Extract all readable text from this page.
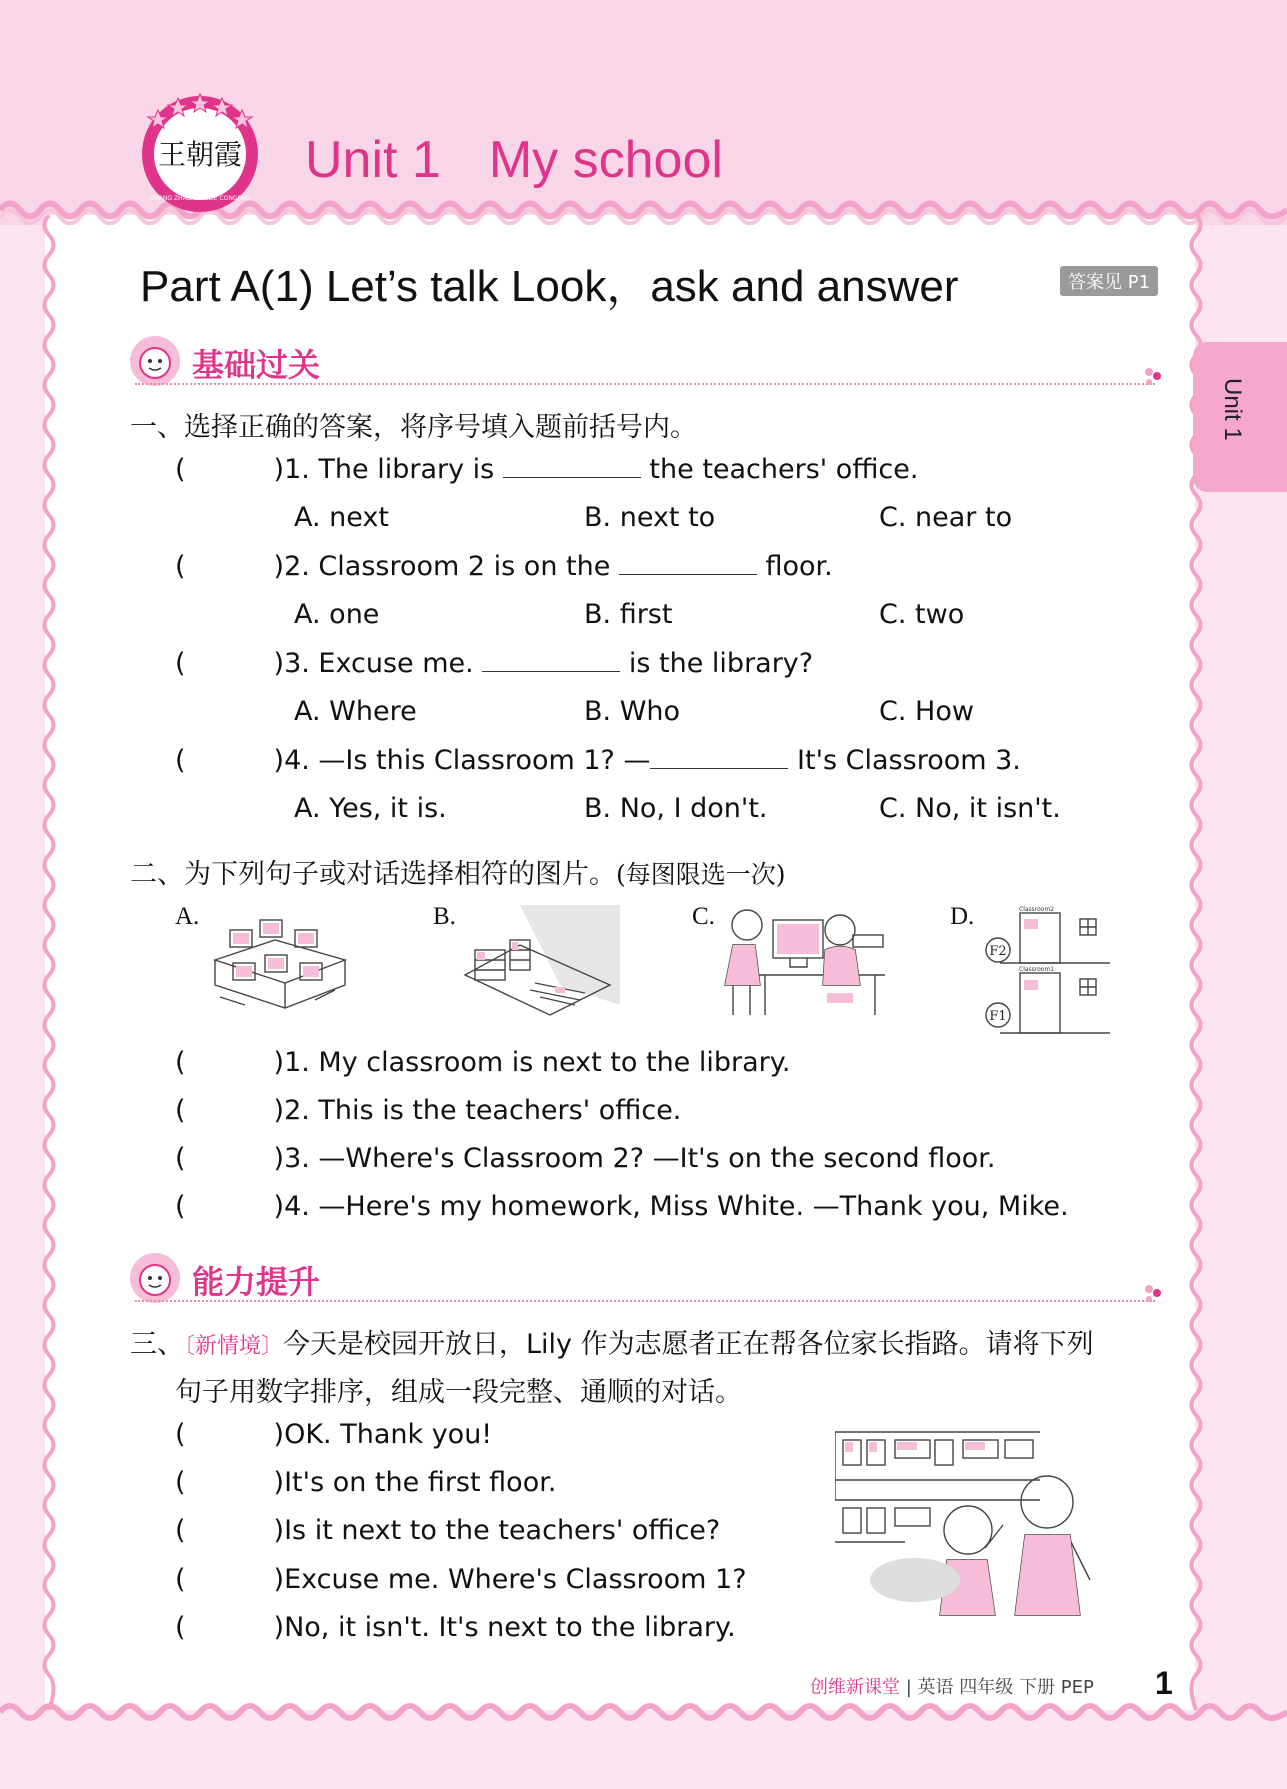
王朝霞
GUANG ZHAOXIA XILIE CONGSHU
Unit 1 My school
Part A(1) Let’s talk Look，ask and answer	答案见 P1
Unit 1
基础过关
一、选择正确的答案，将序号填入题前括号内。
(	)1. The library is	the teachers' office.
A. next	B. next to	C. near to
(	)2. Classroom 2 is on the	floor.
A. one	B. first	C. two
(	)3. Excuse me.	is the library?
A. Where	B. Who	C. How
(	)4. —Is this Classroom 1? —	It's Classroom 3.
A. Yes, it is.	B. No, I don't.	C. No, it isn't.
二、为下列句子或对话选择相符的图片。(每图限选一次)
A.	B.	C.	D.	Classroom2
Classroom1
F2
F1
(	)1. My classroom is next to the library.
(	)2. This is the teachers' office.
(	)3. —Where's Classroom 2? —It's on the second floor.
(	)4. —Here's my homework, Miss White. —Thank you, Mike.
能力提升
三、〔新情境〕今天是校园开放日，Lily 作为志愿者正在帮各位家长指路。请将下列
句子用数字排序，组成一段完整、通顺的对话。
(	)OK. Thank you!
(	)It's on the first floor.
(	)Is it next to the teachers' office?
(	)Excuse me. Where's Classroom 1?
(	)No, it isn't. It's next to the library.
创维新课堂 | 英语 四年级 下册 PEP 1
